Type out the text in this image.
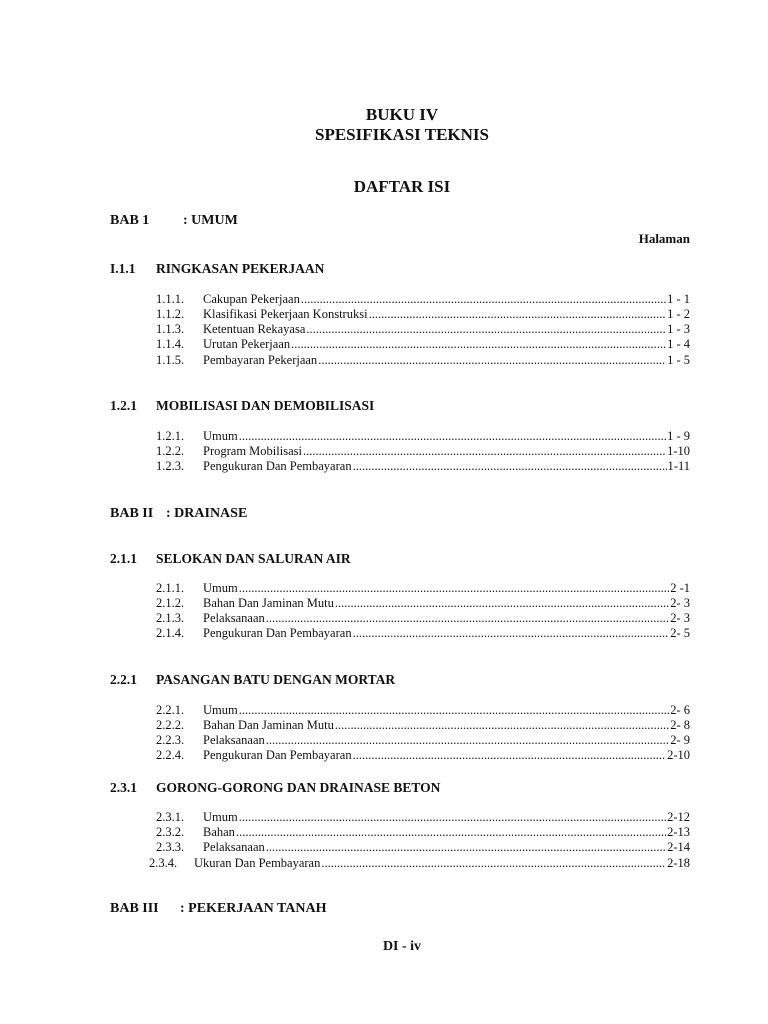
BUKU IV
SPESIFIKASI TEKNIS
DAFTAR ISI
BAB 1 : UMUM
Halaman
I.1.1 RINGKASAN PEKERJAAN
1.1.1.	Cakupan Pekerjaan .....	1 - 1
1.1.2.	Klasifikasi Pekerjaan Konstruksi .....	1 - 2
1.1.3.	Ketentuan Rekayasa .....	1 - 3
1.1.4.	Urutan Pekerjaan .....	1 - 4
1.1.5.	Pembayaran Pekerjaan .....	1 - 5
1.2.1 MOBILISASI DAN DEMOBILISASI
1.2.1.	Umum .....	1 - 9
1.2.2.	Program Mobilisasi .....	1-10
1.2.3.	Pengukuran Dan Pembayaran .....	1-11
BAB II : DRAINASE
2.1.1 SELOKAN DAN SALURAN AIR
2.1.1.	Umum .....	2 -1
2.1.2.	Bahan Dan Jaminan Mutu .....	2- 3
2.1.3.	Pelaksanaan .....	2- 3
2.1.4.	Pengukuran Dan Pembayaran .....	2- 5
2.2.1 PASANGAN BATU DENGAN MORTAR
2.2.1.	Umum .....	2- 6
2.2.2.	Bahan Dan Jaminan Mutu .....	2- 8
2.2.3.	Pelaksanaan .....	2- 9
2.2.4.	Pengukuran Dan Pembayaran .....	2-10
2.3.1 GORONG-GORONG DAN DRAINASE BETON
2.3.1.	Umum .....	2-12
2.3.2.	Bahan .....	2-13
2.3.3.	Pelaksanaan .....	2-14
2.3.4.	Ukuran Dan Pembayaran .....	2-18
BAB III : PEKERJAAN TANAH
DI - iv
